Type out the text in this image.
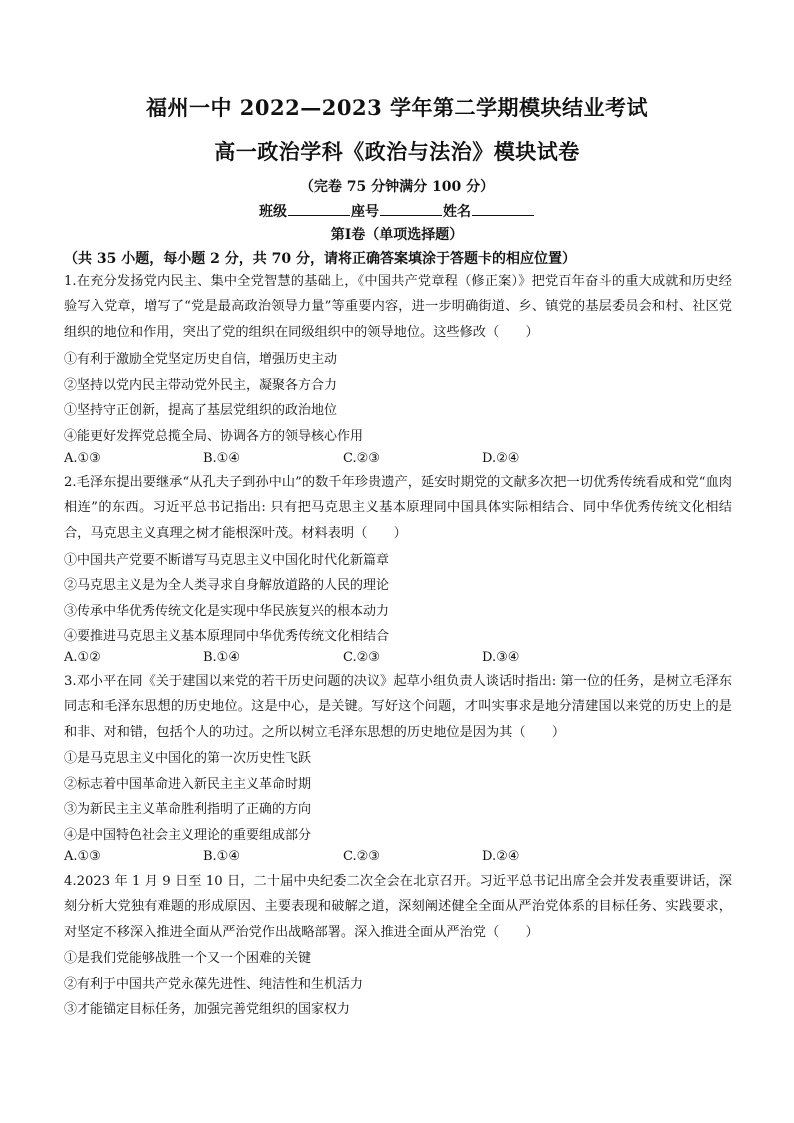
福州一中 2022—2023 学年第二学期模块结业考试
高一政治学科《政治与法治》模块试卷
（完卷 75 分钟满分 100 分）
班级	座号	姓名
第Ⅰ卷（单项选择题）
（共 35 小题，每小题 2 分，共 70 分，请将正确答案填涂于答题卡的相应位置）
1.在充分发扬党内民主、集中全党智慧的基础上，《中国共产党章程（修正案）》把党百年奋斗的重大成就和历史经验写入党章，增写了“党是最高政治领导力量”等重要内容，进一步明确街道、乡、镇党的基层委员会和村、社区党组织的地位和作用，突出了党的组织在同级组织中的领导地位。这些修改（　　）
①有利于激励全党坚定历史自信，增强历史主动
②坚持以党内民主带动党外民主，凝聚各方合力
①坚持守正创新，提高了基层党组织的政治地位
④能更好发挥党总揽全局、协调各方的领导核心作用
A.①③	B.①④	C.②③	D.②④
2.毛泽东提出要继承“从孔夫子到孙中山”的数千年珍贵遗产，延安时期党的文献多次把一切优秀传统看成和党“血肉相连”的东西。习近平总书记指出: 只有把马克思主义基本原理同中国具体实际相结合、同中华优秀传统文化相结合，马克思主义真理之树才能根深叶茂。材料表明（　　）
①中国共产党要不断谱写马克思主义中国化时代化新篇章
②马克思主义是为全人类寻求自身解放道路的人民的理论
③传承中华优秀传统文化是实现中华民族复兴的根本动力
④要推进马克思主义基本原理同中华优秀传统文化相结合
A.①②	B.①④	C.②③	D.③④
3.邓小平在同《关于建国以来党的若干历史问题的决议》起草小组负责人谈话时指出: 第一位的任务，是树立毛泽东同志和毛泽东思想的历史地位。这是中心，是关键。写好这个问题，才叫实事求是地分清建国以来党的历史上的是和非、对和错，包括个人的功过。之所以树立毛泽东思想的历史地位是因为其（　　）
①是马克思主义中国化的第一次历史性飞跃
②标志着中国革命进入新民主主义革命时期
③为新民主主义革命胜利指明了正确的方向
④是中国特色社会主义理论的重要组成部分
A.①③	B.①④	C.②③	D.②④
4.2023 年 1 月 9 日至 10 日，二十届中央纪委二次全会在北京召开。习近平总书记出席全会并发表重要讲话，深刻分析大党独有难题的形成原因、主要表现和破解之道，深刻阐述健全全面从严治党体系的目标任务、实践要求，对坚定不移深入推进全面从严治党作出战略部署。深入推进全面从严治党（　　）
①是我们党能够战胜一个又一个困难的关键
②有利于中国共产党永葆先进性、纯洁性和生机活力
③才能锚定目标任务，加强完善党组织的国家权力
